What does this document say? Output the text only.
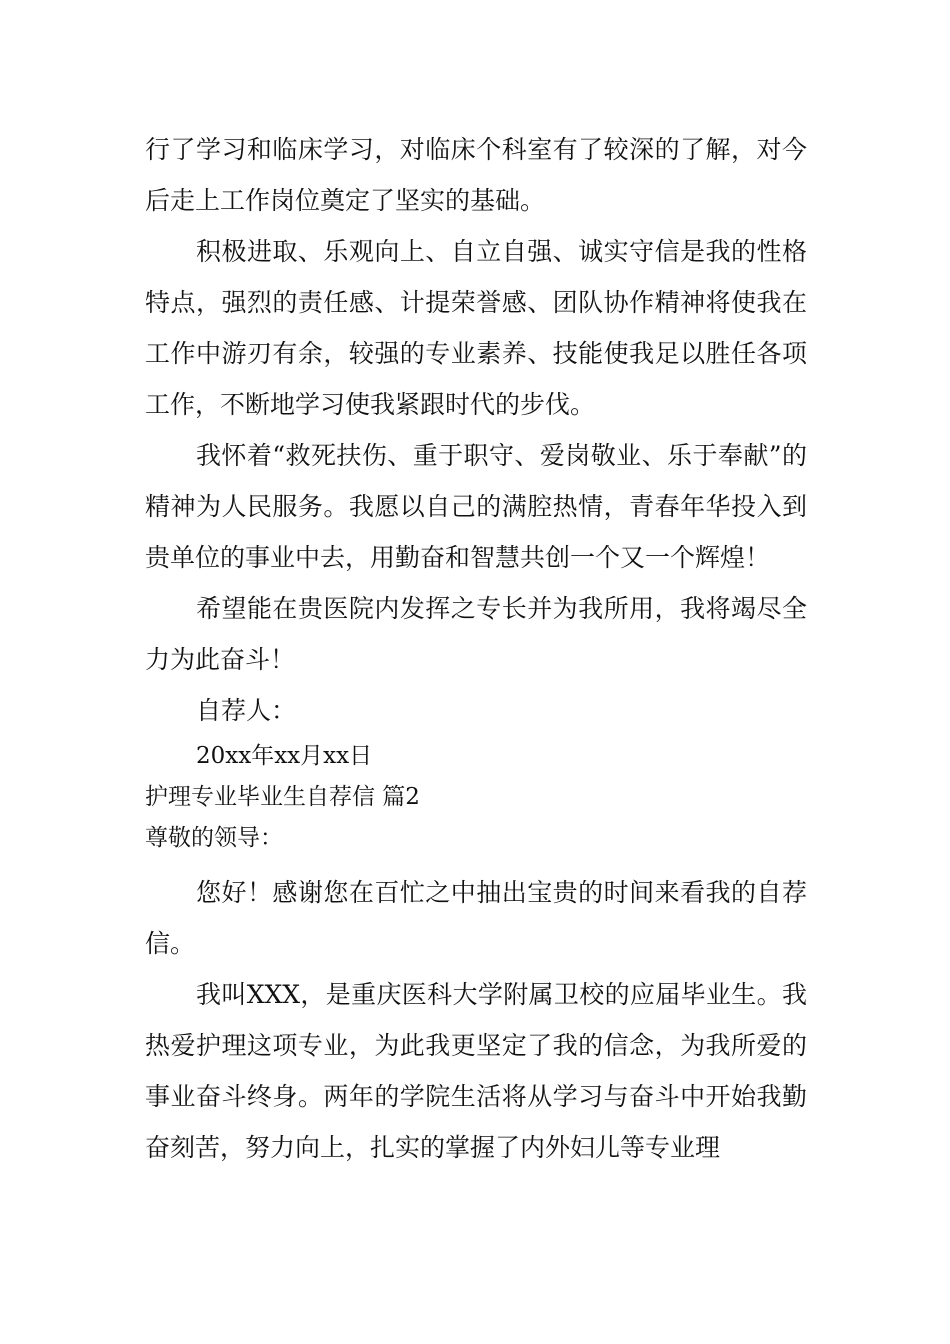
行了学习和临床学习，对临床个科室有了较深的了解，对今后走上工作岗位奠定了坚实的基础。

积极进取、乐观向上、自立自强、诚实守信是我的性格特点，强烈的责任感、计提荣誉感、团队协作精神将使我在工作中游刃有余，较强的专业素养、技能使我足以胜任各项工作，不断地学习使我紧跟时代的步伐。

我怀着“救死扶伤、重于职守、爱岗敬业、乐于奉献”的精神为人民服务。我愿以自己的满腔热情，青春年华投入到贵单位的事业中去，用勤奋和智慧共创一个又一个辉煌！

希望能在贵医院内发挥之专长并为我所用，我将竭尽全力为此奋斗！

自荐人：

20xx年xx月xx日

护理专业毕业生自荐信 篇2

尊敬的领导：

您好！感谢您在百忙之中抽出宝贵的时间来看我的自荐信。

我叫XXX，是重庆医科大学附属卫校的应届毕业生。我热爱护理这项专业，为此我更坚定了我的信念，为我所爱的事业奋斗终身。两年的学院生活将从学习与奋斗中开始我勤奋刻苦，努力向上，扎实的掌握了内外妇儿等专业理
